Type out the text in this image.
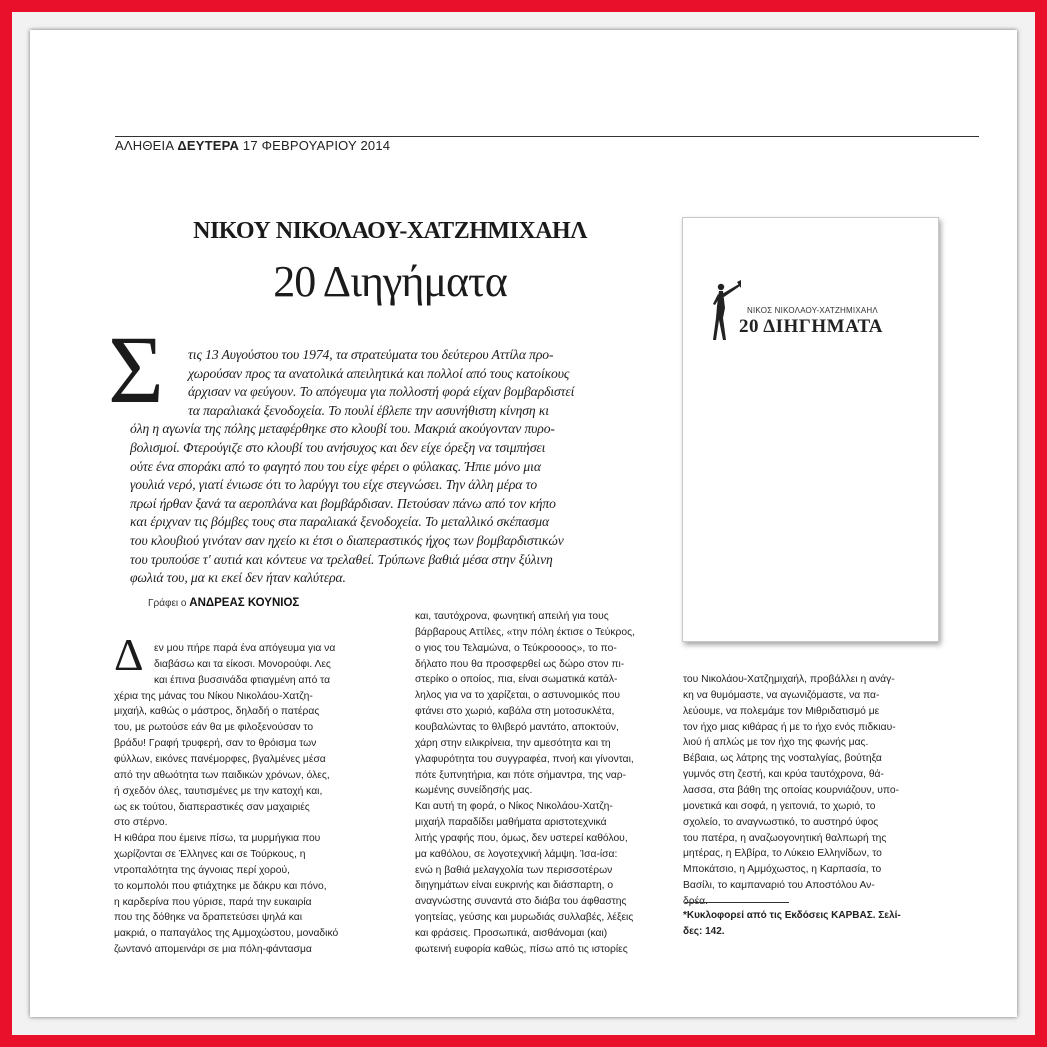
ΑΛΗΘΕΙΑ ΔΕΥΤΕΡΑ 17 ΦΕΒΡΟΥΑΡΙΟΥ 2014
ΝΙΚΟΥ ΝΙΚΟΛΑΟΥ-ΧΑΤΖΗΜΙΧΑΗΛ
20 Διηγήματα
Σ τις 13 Αυγούστου του 1974, τα στρατεύματα του δεύτερου Αττίλα προ-
χωρούσαν προς τα ανατολικά απειλητικά και πολλοί από τους κατοίκους
άρχισαν να φεύγουν. Το απόγευμα για πολλοστή φορά είχαν βομβαρδιστεί
τα παραλιακά ξενοδοχεία. Το πουλί έβλεπε την ασυνήθιστη κίνηση κι
όλη η αγωνία της πόλης μεταφέρθηκε στο κλουβί του. Μακριά ακούγονταν πυρο-
βολισμοί. Φτερούγιζε στο κλουβί του ανήσυχος και δεν είχε όρεξη να τσιμπήσει
ούτε ένα σποράκι από το φαγητό που του είχε φέρει ο φύλακας. Ήπιε μόνο μια
γουλιά νερό, γιατί ένιωσε ότι το λαρύγγι του είχε στεγνώσει. Την άλλη μέρα το
πρωί ήρθαν ξανά τα αεροπλάνα και βομβάρδισαν. Πετούσαν πάνω από τον κήπο
και έριχναν τις βόμβες τους στα παραλιακά ξενοδοχεία. Το μεταλλικό σκέπασμα
του κλουβιού γινόταν σαν ηχείο κι έτσι ο διαπεραστικός ήχος των βομβαρδιστικών
του τρυπούσε τ' αυτιά και κόντευε να τρελαθεί. Τρύπωνε βαθιά μέσα στην ξύλινη
φωλιά του, μα κι εκεί δεν ήταν καλύτερα.
ΝΙΚΟΣ ΝΙΚΟΛΑΟΥ-ΧΑΤΖΗΜΙΧΑΗΛ
20 ΔΙΗΓΗΜΑΤΑ
Γράφει ο ΑΝΔΡΕΑΣ ΚΟΥΝΙΟΣ
Δ εν μου πήρε παρά ένα απόγευμα για να
διαβάσω και τα είκοσι. Μονορούφι. Λες
και έπινα βυσσινάδα φτιαγμένη από τα
χέρια της μάνας του Νίκου Νικολάου-Χατζη-
μιχαήλ, καθώς ο μάστρος, δηλαδή ο πατέρας
του, με ρωτούσε εάν θα με φιλοξενούσαν το
βράδυ! Γραφή τρυφερή, σαν το θρόισμα των
φύλλων, εικόνες πανέμορφες, βγαλμένες μέσα
από την αθωότητα των παιδικών χρόνων, όλες,
ή σχεδόν όλες, ταυτισμένες με την κατοχή και,
ως εκ τούτου, διαπεραστικές σαν μαχαιριές
στο στέρνο.
Η κιθάρα που έμεινε πίσω, τα μυρμήγκια που
χωρίζονται σε Έλληνες και σε Τούρκους, η
ντροπαλότητα της άγνοιας περί χορού,
το κομπολόι που φτιάχτηκε με δάκρυ και πόνο,
η καρδερίνα που γύρισε, παρά την ευκαιρία
που της δόθηκε να δραπετεύσει ψηλά και
μακριά, ο παπαγάλος της Αμμοχώστου, μοναδικό
ζωντανό απομεινάρι σε μια πόλη-φάντασμα
και, ταυτόχρονα, φωνητική απειλή για τους
βάρβαρους Αττίλες, «την πόλη έκτισε ο Τεύκρος,
ο γιος του Τελαμώνα, ο Τεύκροοοος», το πο-
δήλατο που θα προσφερθεί ως δώρο στον πι-
στερίκο ο οποίος, πια, είναι σωματικά κατάλ-
ληλος για να το χαρίζεται, ο αστυνομικός που
φτάνει στο χωριό, καβάλα στη μοτοσυκλέτα,
κουβαλώντας το θλιβερό μαντάτο, αποκτούν,
χάρη στην ειλικρίνεια, την αμεσότητα και τη
γλαφυρότητα του συγγραφέα, πνοή και γίνονται,
πότε ξυπνητήρια, και πότε σήμαντρα, της ναρ-
κωμένης συνείδησής μας.
Και αυτή τη φορά, ο Νίκος Νικολάου-Χατζη-
μιχαήλ παραδίδει μαθήματα αριστοτεχνικά
λιτής γραφής που, όμως, δεν υστερεί καθόλου,
μα καθόλου, σε λογοτεχνική λάμψη. Ίσα-ίσα:
ενώ η βαθιά μελαγχολία των περισσοτέρων
διηγημάτων είναι ευκρινής και διάσπαρτη, ο
αναγνώστης συναντά στο διάβα του άφθαστης
γοητείας, γεύσης και μυρωδιάς συλλαβές, λέξεις
και φράσεις. Προσωπικά, αισθάνομαι (και)
φωτεινή ευφορία καθώς, πίσω από τις ιστορίες
του Νικολάου-Χατζημιχαήλ, προβάλλει η ανάγ-
κη να θυμόμαστε, να αγωνιζόμαστε, να πα-
λεύουμε, να πολεμάμε τον Μιθριδατισμό με
τον ήχο μιας κιθάρας ή με το ήχο ενός πιδκιαυ-
λιού ή απλώς με τον ήχο της φωνής μας.
Βέβαια, ως λάτρης της νοσταλγίας, βούτηξα
γυμνός στη ζεστή, και κρύα ταυτόχρονα, θά-
λασσα, στα βάθη της οποίας κουρνιάζουν, υπο-
μονετικά και σοφά, η γειτονιά, το χωριό, το
σχολείο, το αναγνωστικό, το αυστηρό ύφος
του πατέρα, η αναζωογονητική θαλπωρή της
μητέρας, η Ελβίρα, το Λύκειο Ελληνίδων, το
Μποκάτσιο, η Αμμόχωστος, η Καρπασία, το
Βασίλι, το καμπαναριό του Αποστόλου Αν-
δρέα.
*Κυκλοφορεί από τις Εκδόσεις ΚΑΡΒΑΣ. Σελί-
δες: 142.
